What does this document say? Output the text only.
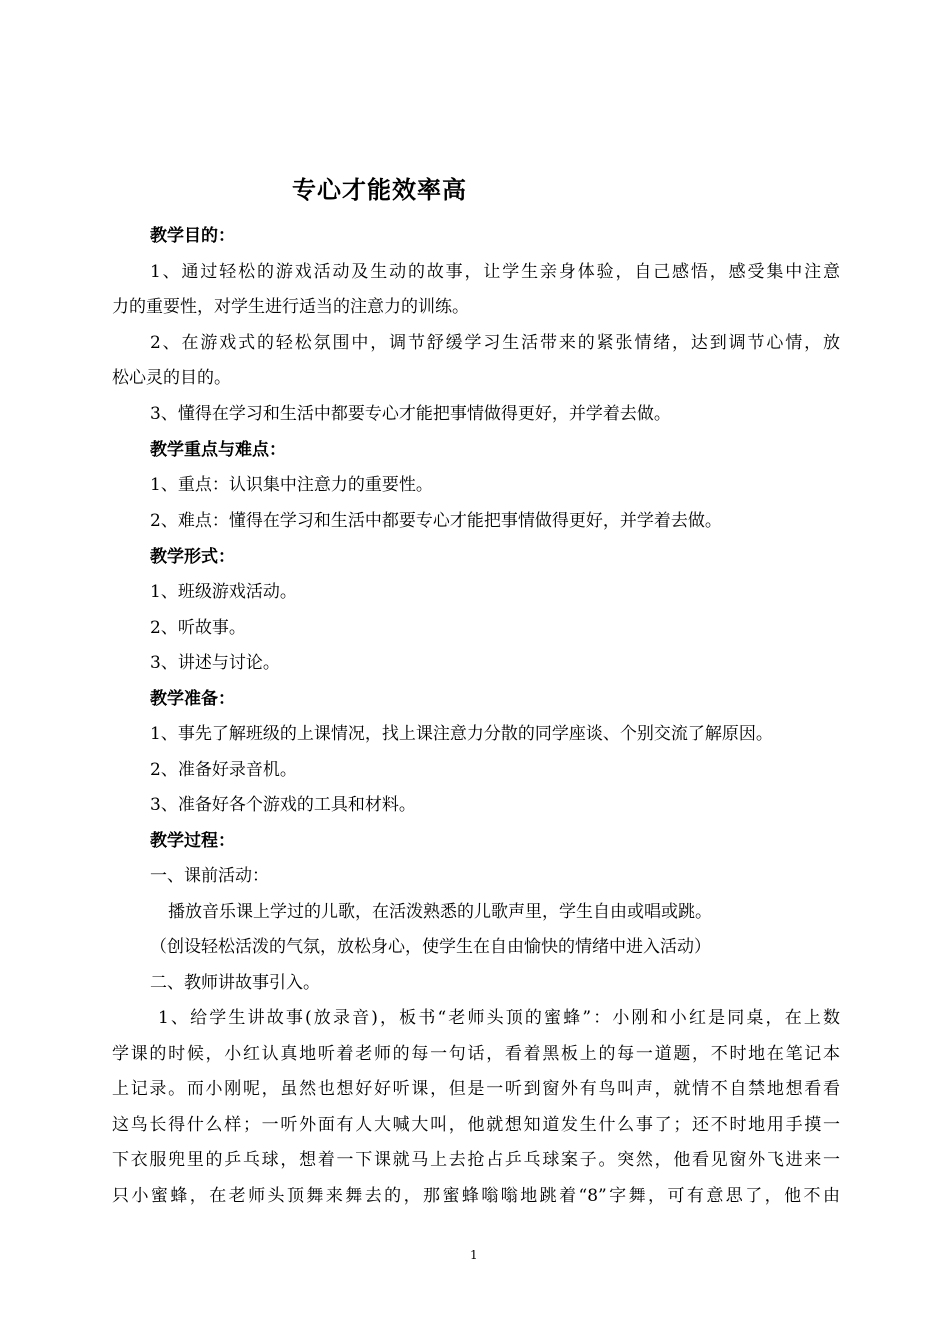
专心才能效率高
教学目的：
1、通过轻松的游戏活动及生动的故事，让学生亲身体验，自己感悟，感受集中注意
力的重要性，对学生进行适当的注意力的训练。
2、在游戏式的轻松氛围中，调节舒缓学习生活带来的紧张情绪，达到调节心情，放
松心灵的目的。
3、懂得在学习和生活中都要专心才能把事情做得更好，并学着去做。
教学重点与难点：
1、重点：认识集中注意力的重要性。
2、难点：懂得在学习和生活中都要专心才能把事情做得更好，并学着去做。
教学形式：
1、班级游戏活动。
2、听故事。
3、讲述与讨论。
教学准备：
1、事先了解班级的上课情况，找上课注意力分散的同学座谈、个别交流了解原因。
2、准备好录音机。
3、准备好各个游戏的工具和材料。
教学过程：
一、课前活动：
播放音乐课上学过的儿歌，在活泼熟悉的儿歌声里，学生自由或唱或跳。
（创设轻松活泼的气氛，放松身心，使学生在自由愉快的情绪中进入活动）
二、教师讲故事引入。
1、给学生讲故事(放录音)，板书“老师头顶的蜜蜂”：小刚和小红是同桌，在上数
学课的时候，小红认真地听着老师的每一句话，看着黑板上的每一道题，不时地在笔记本
上记录。而小刚呢，虽然也想好好听课，但是一听到窗外有鸟叫声，就情不自禁地想看看
这鸟长得什么样；一听外面有人大喊大叫，他就想知道发生什么事了；还不时地用手摸一
下衣服兜里的乒乓球，想着一下课就马上去抢占乒乓球案子。突然，他看见窗外飞进来一
只小蜜蜂，在老师头顶舞来舞去的，那蜜蜂嗡嗡地跳着“8”字舞，可有意思了，他不由
1
